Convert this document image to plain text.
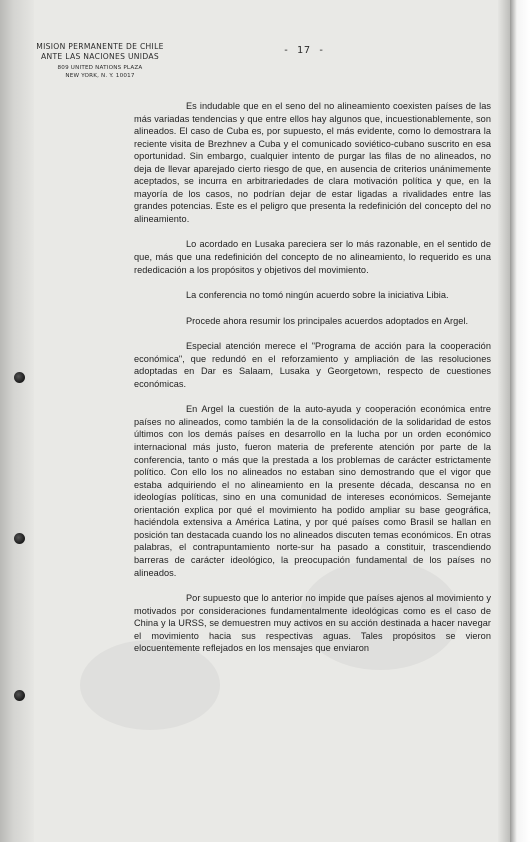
MISION PERMANENTE DE CHILE
ANTE LAS NACIONES UNIDAS
809 UNITED NATIONS PLAZA
NEW YORK, N. Y. 10017
- 17 -

Es indudable que en el seno del no alineamiento coexisten países de las más variadas tendencias y que entre ellos hay algunos que, incuestionablemente, son alineados. El caso de Cuba es, por supuesto, el más evidente, como lo demostrara la reciente visita de Brezhnev a Cuba y el comunicado soviético-cubano suscrito en esa oportunidad. Sin embargo, cualquier intento de purgar las filas de no alineados, no deja de llevar aparejado cierto riesgo de que, en ausencia de criterios unánimemente aceptados, se incurra en arbitrariedades de clara motivación política y que, en la mayoría de los casos, no podrían dejar de estar ligadas a rivalidades entre las grandes potencias. Este es el peligro que presenta la redefinición del concepto del no alineamiento.

Lo acordado en Lusaka pareciera ser lo más razonable, en el sentido de que, más que una redefinición del concepto de no alineamiento, lo requerido es una rededicación a los propósitos y objetivos del movimiento.

La conferencia no tomó ningún acuerdo sobre la iniciativa Libia.

Procede ahora resumir los principales acuerdos adoptados en Argel.

Especial atención merece el "Programa de acción para la cooperación económica", que redundó en el reforzamiento y ampliación de las resoluciones adoptadas en Dar es Salaam, Lusaka y Georgetown, respecto de cuestiones económicas.

En Argel la cuestión de la auto-ayuda y cooperación económica entre países no alineados, como también la de la consolidación de la solidaridad de estos últimos con los demás países en desarrollo en la lucha por un orden económico internacional más justo, fueron materia de preferente atención por parte de la conferencia, tanto o más que la prestada a los problemas de carácter estrictamente político. Con ello los no alineados no estaban sino demostrando que el vigor que estaba adquiriendo el no alineamiento en la presente década, descansa no en ideologías políticas, sino en una comunidad de intereses económicos. Semejante orientación explica por qué el movimiento ha podido ampliar su base geográfica, haciéndola extensiva a América Latina, y por qué países como Brasil se hallan en posición tan destacada cuando los no alineados discuten temas económicos. En otras palabras, el contrapuntamiento norte-sur ha pasado a constituir, trascendiendo barreras de carácter ideológico, la preocupación fundamental de los países no alineados.

Por supuesto que lo anterior no impide que países ajenos al movimiento y motivados por consideraciones fundamentalmente ideológicas como es el caso de China y la URSS, se demuestren muy activos en su acción destinada a hacer navegar el movimiento hacia sus respectivas aguas. Tales propósitos se vieron elocuentemente reflejados en los mensajes que enviaron
